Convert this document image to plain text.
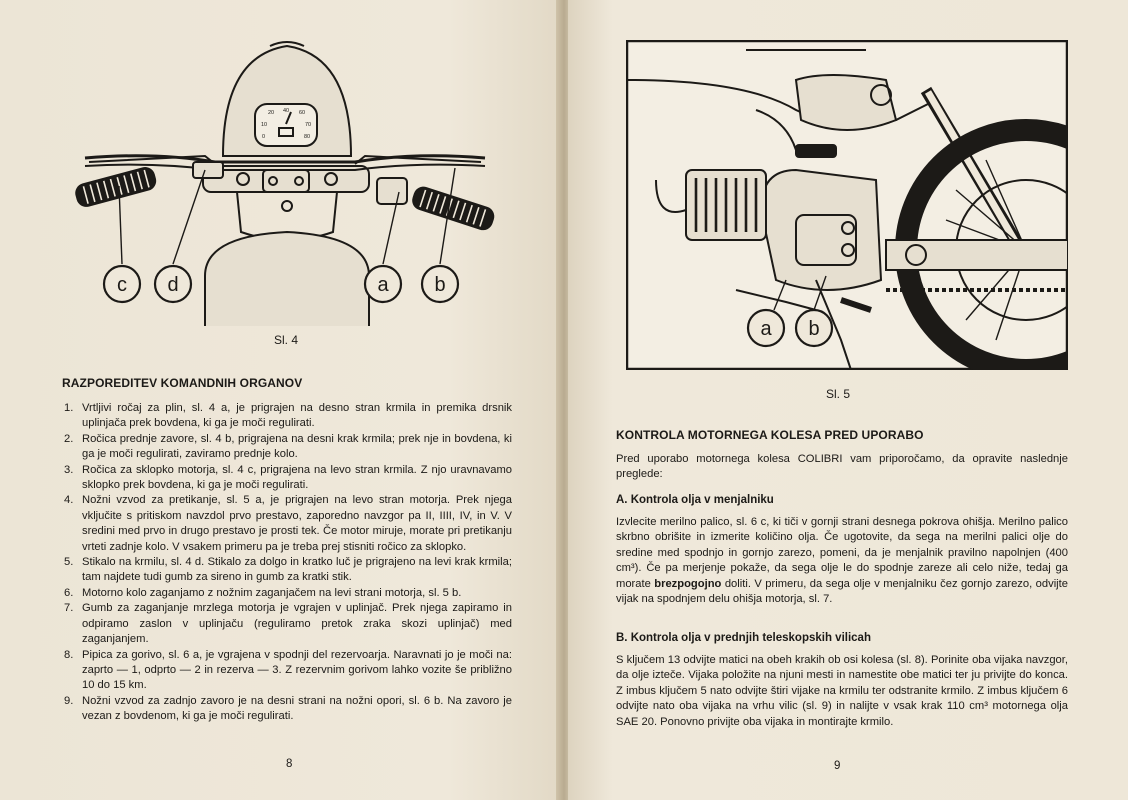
c d	a b
20 40 60
10	70
0	80
Sl. 4
RAZPOREDITEV KOMANDNIH ORGANOV
1. Vrtljivi ročaj za plin, sl. 4 a, je prigrajen na desno stran krmila in premika drsnik uplinjača prek bovdena, ki ga je moči regulirati.
2. Ročica prednje zavore, sl. 4 b, prigrajena na desni krak krmila; prek nje in bovdena, ki ga je moči regulirati, zaviramo prednje kolo.
3. Ročica za sklopko motorja, sl. 4 c, prigrajena na levo stran krmila. Z njo uravnavamo sklopko prek bovdena, ki ga je moči regulirati.
4. Nožni vzvod za pretikanje, sl. 5 a, je prigrajen na levo stran motorja. Prek njega vključite s pritiskom navzdol prvo prestavo, zaporedno navzgor pa II, IIII, IV, in V. V sredini med prvo in drugo prestavo je prosti tek. Če motor miruje, morate pri pretikanju vrteti zadnje kolo. V vsakem primeru pa je treba prej stisniti ročico za sklopko.
5. Stikalo na krmilu, sl. 4 d. Stikalo za dolgo in kratko luč je prigrajeno na levi krak krmila; tam najdete tudi gumb za sireno in gumb za kratki stik.
6. Motorno kolo zaganjamo z nožnim zaganjačem na levi strani motorja, sl. 5 b.
7. Gumb za zaganjanje mrzlega motorja je vgrajen v uplinjač. Prek njega zapiramo in odpiramo zaslon v uplinjaču (reguliramo pretok zraka skozi uplinjač) med zaganjanjem.
8. Pipica za gorivo, sl. 6 a, je vgrajena v spodnji del rezervoarja. Naravnati jo je moči na: zaprto — 1, odprto — 2 in rezerva — 3. Z rezervnim gorivom lahko vozite še približno 10 do 15 km.
9. Nožni vzvod za zadnjo zavoro je na desni strani na nožni opori, sl. 6 b. Na zavoro je vezan z bovdenom, ki ga je moči regulirati.
8
a b
Sl. 5
KONTROLA MOTORNEGA KOLESA PRED UPORABO
Pred uporabo motornega kolesa COLIBRI vam priporočamo, da opravite naslednje preglede:
A. Kontrola olja v menjalniku
Izvlecite merilno palico, sl. 6 c, ki tiči v gornji strani desnega pokrova ohišja. Merilno palico skrbno obrišite in izmerite količino olja. Če ugotovite, da sega na merilni palici olje do sredine med spodnjo in gornjo zarezo, pomeni, da je menjalnik pravilno napolnjen (400 cm³). Če pa merjenje pokaže, da sega olje le do spodnje zareze ali celo niže, tedaj ga morate brezpogojno doliti. V primeru, da sega olje v menjalniku čez gornjo zarezo, odvijte vijak na spodnjem delu ohišja motorja, sl. 7.
B. Kontrola olja v prednjih teleskopskih vilicah
S ključem 13 odvijte matici na obeh krakih ob osi kolesa (sl. 8). Porinite oba vijaka navzgor, da olje izteče. Vijaka položite na njuni mesti in namestite obe matici ter ju privijte do konca. Z imbus ključem 5 nato odvijte štiri vijake na krmilu ter odstranite krmilo. Z imbus ključem 6 odvijte nato oba vijaka na vrhu vilic (sl. 9) in nalijte v vsak krak 110 cm³ motornega olja SAE 20. Ponovno privijte oba vijaka in montirajte krmilo.
9
